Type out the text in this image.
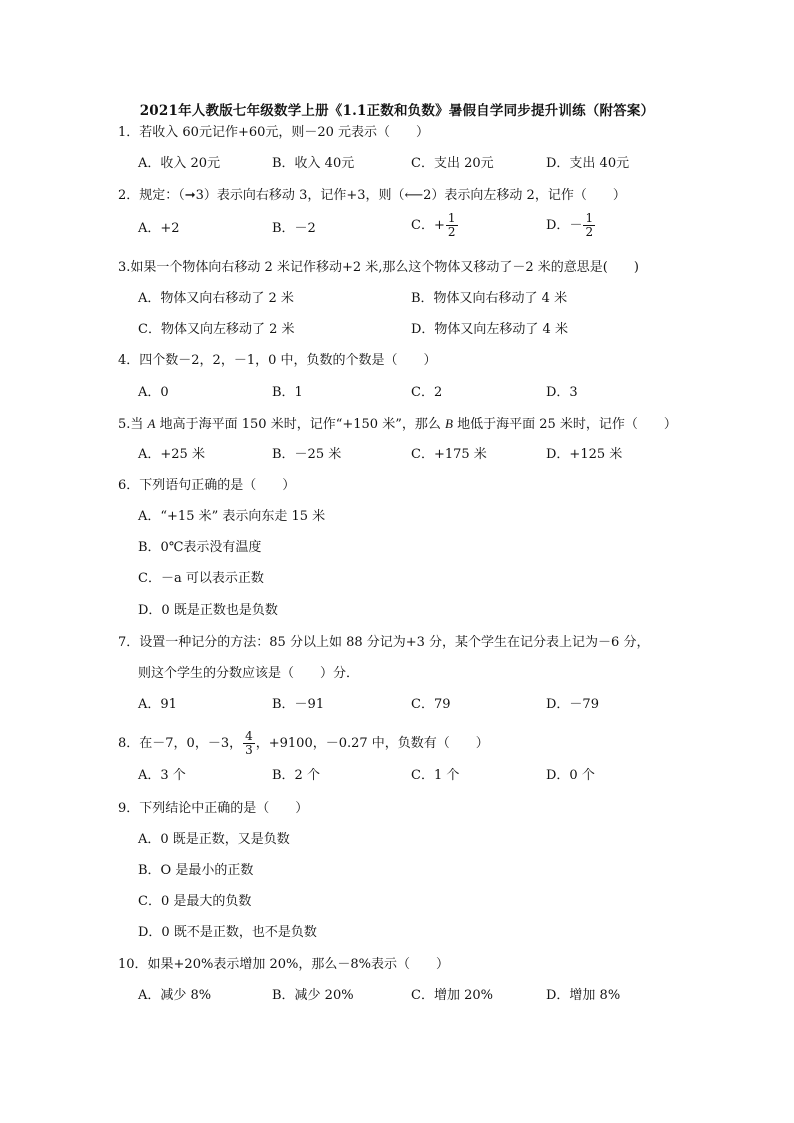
2021年人教版七年级数学上册《1.1正数和负数》暑假自学同步提升训练（附答案）
1．若收入 60元记作+60元，则－20 元表示（　　）
A．收入 20元	B．收入 40元	C．支出 20元	D．支出 40元
2．规定：（➞3）表示向右移动 3，记作+3，则（⟵2）表示向左移动 2，记作（　　）
A．+2	B．－2	C．+ $\frac{1}{2}$	D．－ $\frac{1}{2}$
3.如果一个物体向右移动 2 米记作移动+2 米,那么这个物体又移动了－2 米的意思是(　　)
A．物体又向右移动了 2 米	B．物体又向右移动了 4 米
C．物体又向左移动了 2 米	D．物体又向左移动了 4 米
4．四个数－2，2，－1，0 中，负数的个数是（　　）
A．0	B．1	C．2	D．3
5.当 A 地高于海平面 150 米时，记作“+150 米”，那么 B 地低于海平面 25 米时，记作（　　）
A．+25 米	B．－25 米	C．+175 米	D．+125 米
6．下列语句正确的是（　　）
A．“+15 米” 表示向东走 15 米
B．0℃表示没有温度
C．－a 可以表示正数
D．0 既是正数也是负数
7．设置一种记分的方法：85 分以上如 88 分记为+3 分，某个学生在记分表上记为－6 分，
则这个学生的分数应该是（　　）分．
A．91	B．－91	C．79	D．－79
8．在－7，0，－3， $\frac{4}{3}$ ，+9100，－0.27 中，负数有（　　）
A．3 个	B．2 个	C．1 个	D．0 个
9．下列结论中正确的是（　　）
A．0 既是正数，又是负数
B．O 是最小的正数
C．0 是最大的负数
D．0 既不是正数，也不是负数
10．如果+20%表示增加 20%，那么－8%表示（　　）
A．减少 8%	B．减少 20%	C．增加 20%	D．增加 8%
